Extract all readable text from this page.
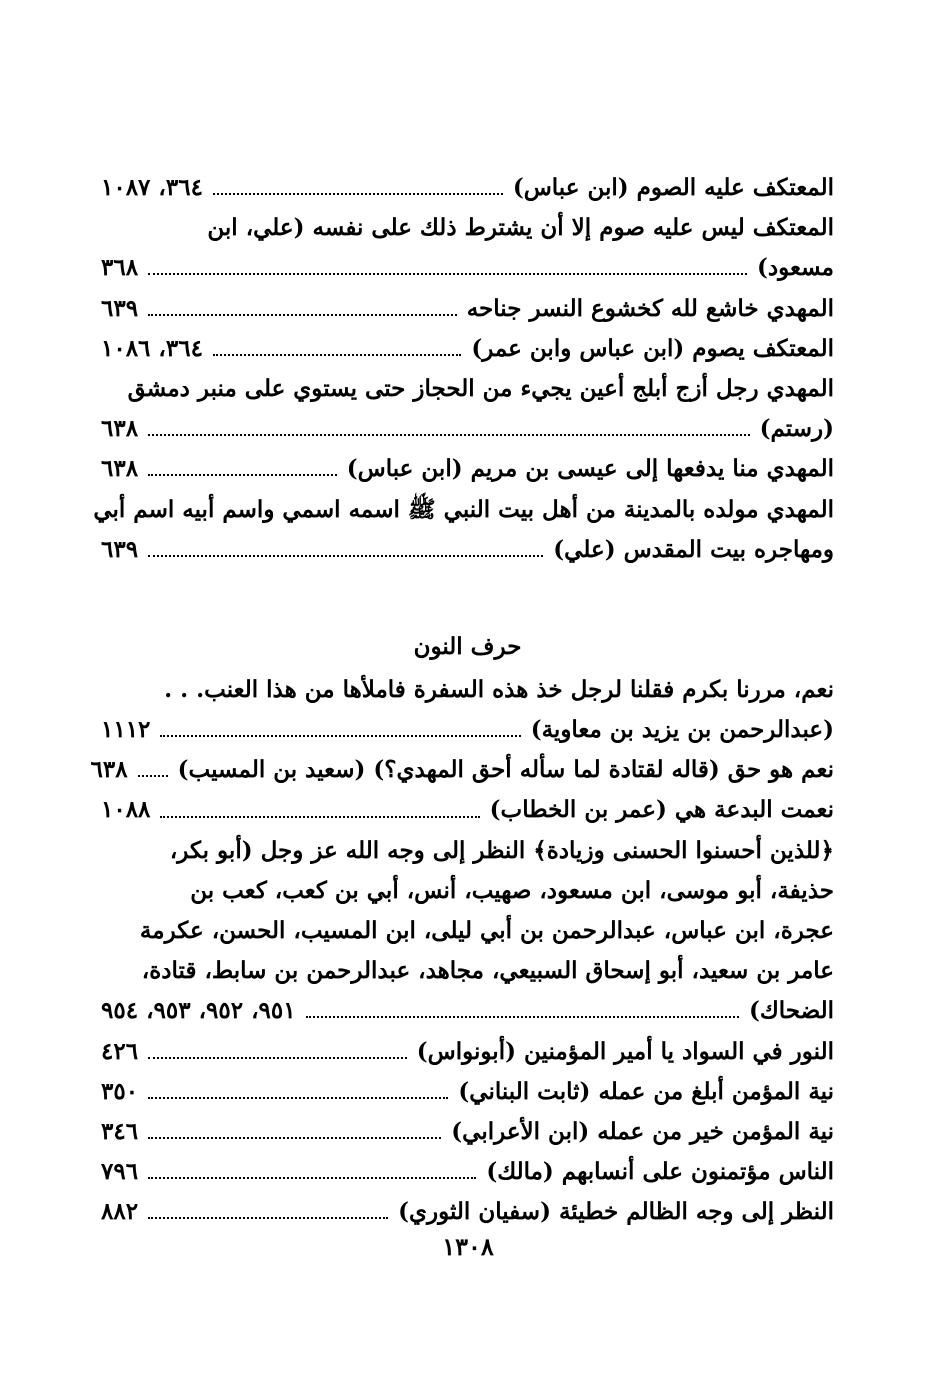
المعتكف عليه الصوم (ابن عباس)
٣٦٤، ١٠٨٧
المعتكف ليس عليه صوم إلا أن يشترط ذلك على نفسه (علي، ابن
مسعود)
٣٦٨
المهدي خاشع لله كخشوع النسر جناحه
٦٣٩
المعتكف يصوم (ابن عباس وابن عمر)
٣٦٤، ١٠٨٦
المهدي رجل أزج أبلج أعين يجيء من الحجاز حتى يستوي على منبر دمشق
(رستم)
٦٣٨
المهدي منا يدفعها إلى عيسى بن مريم (ابن عباس)
٦٣٨
المهدي مولده بالمدينة من أهل بيت النبي ﷺ اسمه اسمي واسم أبيه اسم أبي
ومهاجره بيت المقدس (علي)
٦٣٩
حرف النون
نعم، مررنا بكرم فقلنا لرجل خذ هذه السفرة فاملأها من هذا العنب. . .
(عبدالرحمن بن يزيد بن معاوية)
١١١٢
نعم هو حق (قاله لقتادة لما سأله أحق المهدي؟) (سعيد بن المسيب)
٦٣٨
نعمت البدعة هي (عمر بن الخطاب)
١٠٨٨
﴿للذين أحسنوا الحسنى وزيادة﴾ النظر إلى وجه الله عز وجل (أبو بكر،
حذيفة، أبو موسى، ابن مسعود، صهيب، أنس، أبي بن كعب، كعب بن
عجرة، ابن عباس، عبدالرحمن بن أبي ليلى، ابن المسيب، الحسن، عكرمة
عامر بن سعيد، أبو إسحاق السبيعي، مجاهد، عبدالرحمن بن سابط، قتادة،
الضحاك)
٩٥١، ٩٥٢، ٩٥٣، ٩٥٤
النور في السواد يا أمير المؤمنين (أبونواس)
٤٢٦
نية المؤمن أبلغ من عمله (ثابت البناني)
٣٥٠
نية المؤمن خير من عمله (ابن الأعرابي)
٣٤٦
الناس مؤتمنون على أنسابهم (مالك)
٧٩٦
النظر إلى وجه الظالم خطيئة (سفيان الثوري)
٨٨٢
١٣٠٨
